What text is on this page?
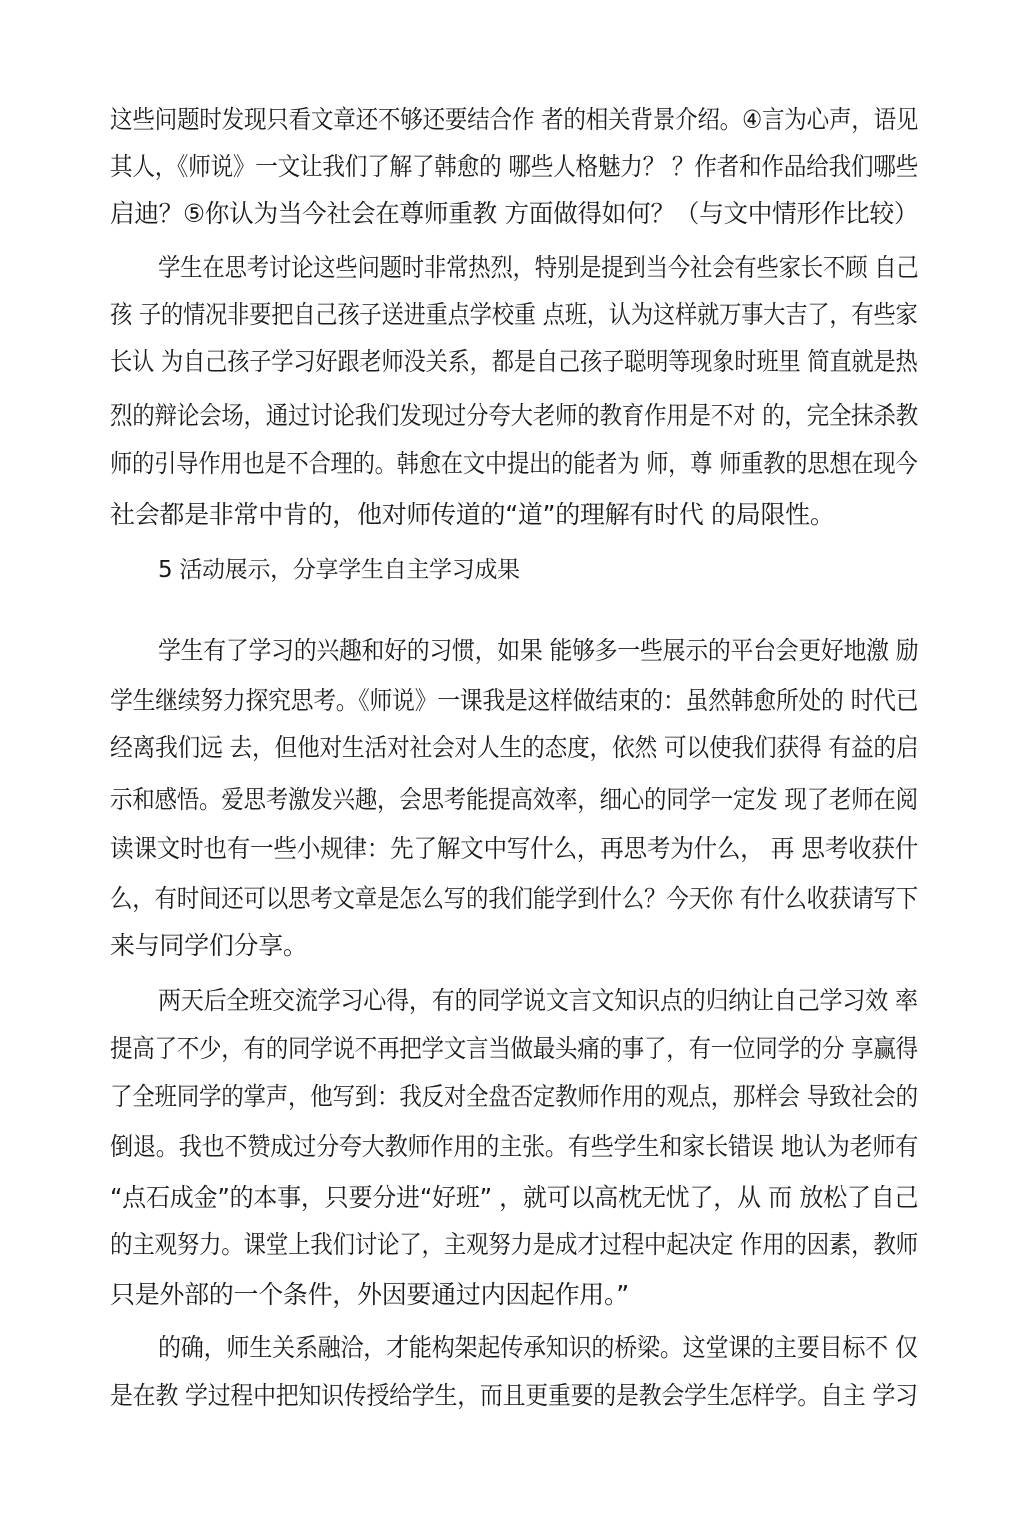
这些问题时发现只看文章还不够还要结合作 者的相关背景介绍。④言为心声，语见
其人，《师说》一文让我们了解了韩愈的 哪些人格魅力？ ？作者和作品给我们哪些
启迪？⑤你认为当今社会在尊师重教 方面做得如何？（与文中情形作比较）
学生在思考讨论这些问题时非常热烈，特别是提到当今社会有些家长不顾 自己
孩 子的情况非要把自己孩子送进重点学校重 点班，认为这样就万事大吉了，有些家
长认 为自己孩子学习好跟老师没关系，都是自己孩子聪明等现象时班里 简直就是热
烈的辩论会场，通过讨论我们发现过分夸大老师的教育作用是不对 的，完全抹杀教
师的引导作用也是不合理的。韩愈在文中提出的能者为 师，尊 师重教的思想在现今
社会都是非常中肯的，他对师传道的“道”的理解有时代 的局限性。
5 活动展示，分享学生自主学习成果
学生有了学习的兴趣和好的习惯，如果 能够多一些展示的平台会更好地激 励
学生继续努力探究思考。《师说》一课我是这样做结束的：虽然韩愈所处的 时代已
经离我们远 去，但他对生活对社会对人生的态度，依然 可以使我们获得 有益的启
示和感悟。爱思考激发兴趣，会思考能提高效率，细心的同学一定发 现了老师在阅
读课文时也有一些小规律：先了解文中写什么，再思考为什么， 再 思考收获什
么，有时间还可以思考文章是怎么写的我们能学到什么？今天你 有什么收获请写下
来与同学们分享。
两天后全班交流学习心得，有的同学说文言文知识点的归纳让自己学习效 率
提高了不少，有的同学说不再把学文言当做最头痛的事了，有一位同学的分 享赢得
了全班同学的掌声，他写到：我反对全盘否定教师作用的观点，那样会 导致社会的
倒退。我也不赞成过分夸大教师作用的主张。有些学生和家长错误 地认为老师有
“点石成金”的本事，只要分进“好班” ，就可以高枕无忧了，从 而 放松了自己
的主观努力。课堂上我们讨论了，主观努力是成才过程中起决定 作用的因素，教师
只是外部的一个条件，外因要通过内因起作用。”
的确，师生关系融洽，才能构架起传承知识的桥梁。这堂课的主要目标不 仅
是在教 学过程中把知识传授给学生，而且更重要的是教会学生怎样学。自主 学习
